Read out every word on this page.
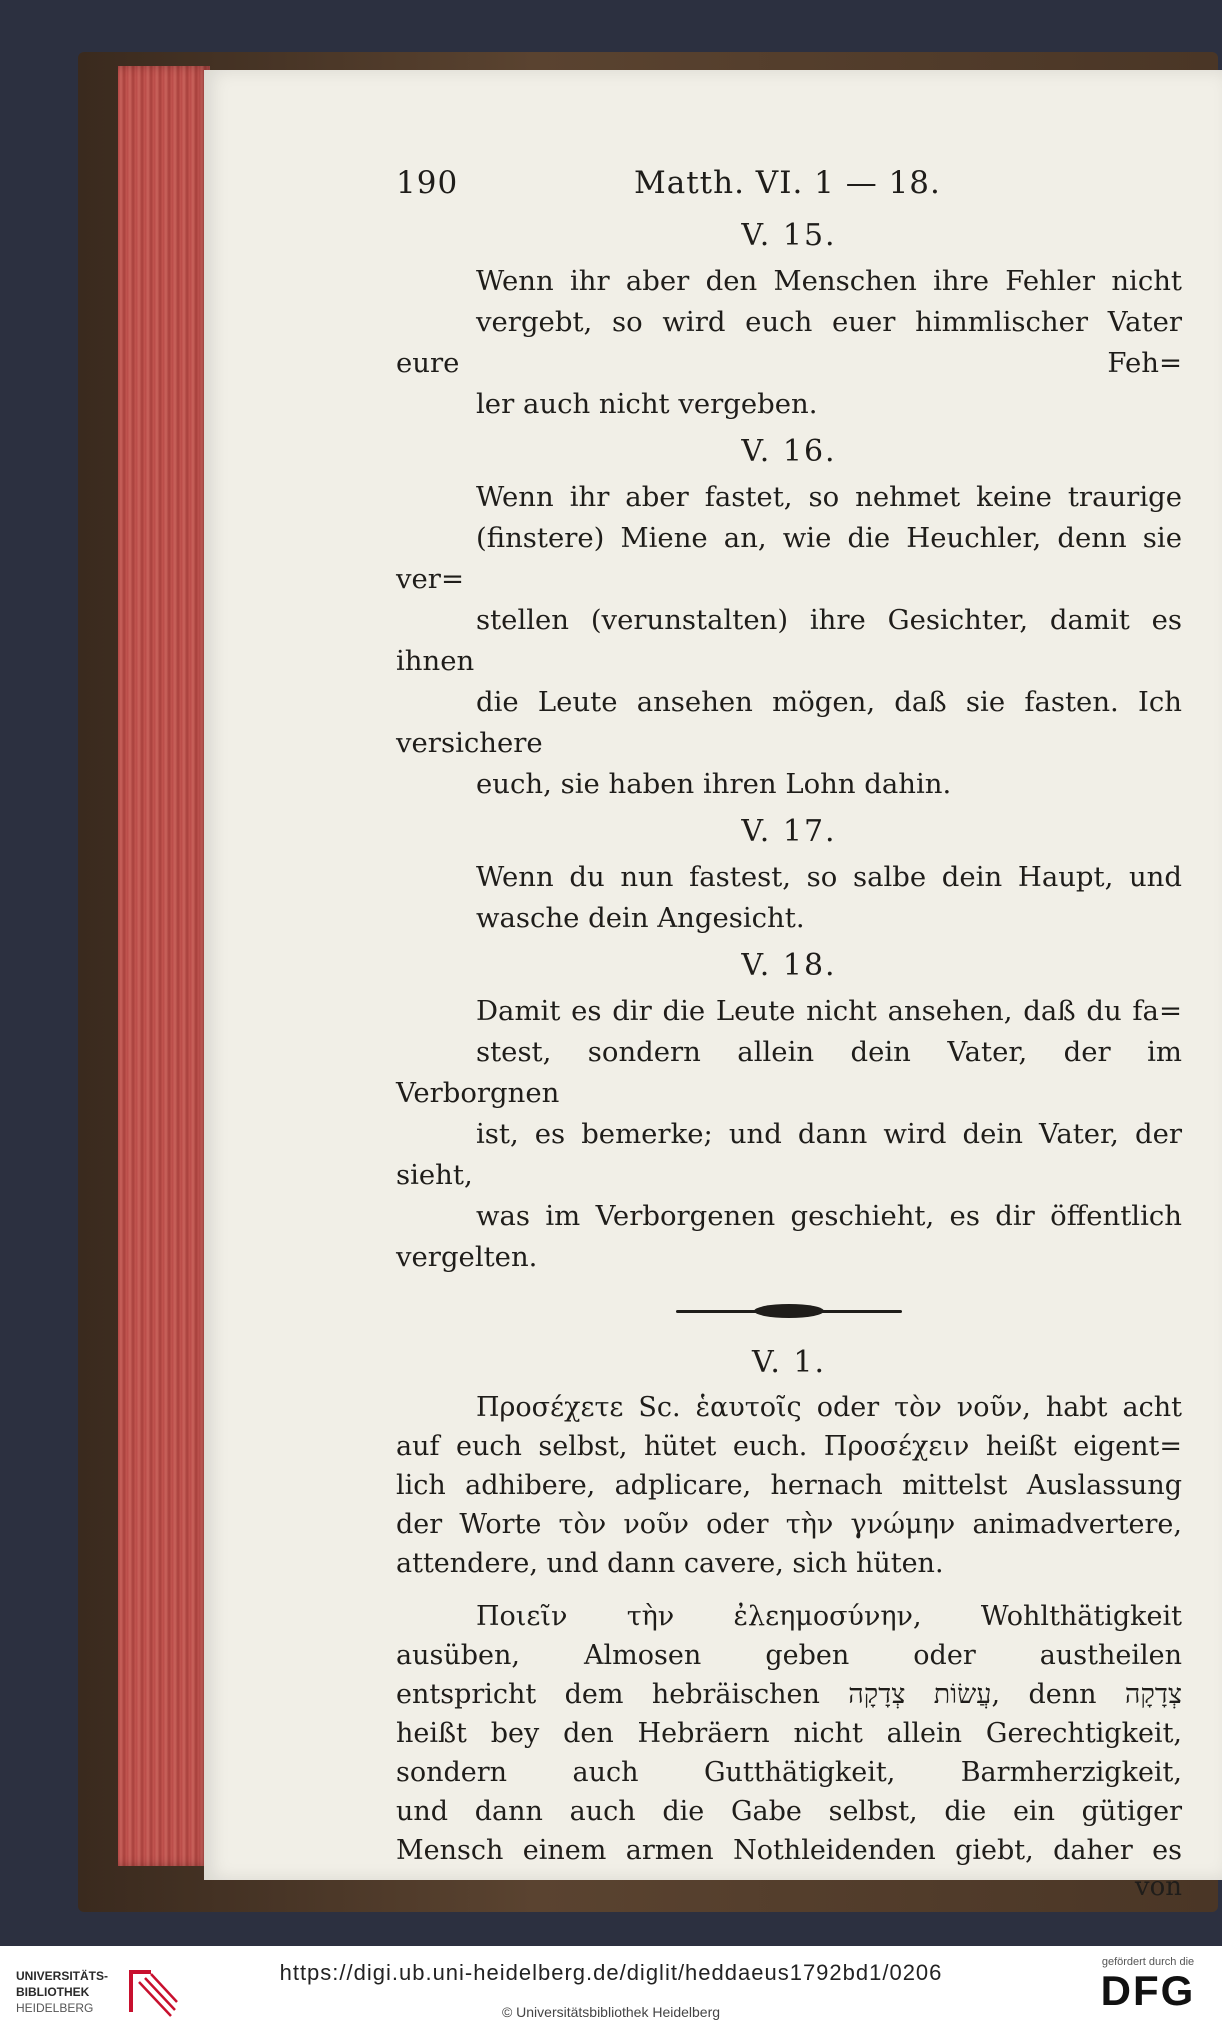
190	Matth. VI. 1 — 18.
V. 15.

Wenn ihr aber den Menschen ihre Fehler nicht
vergebt, so wird euch euer himmlischer Vater eure Feh=
ler auch nicht vergeben.

V. 16.

Wenn ihr aber fastet, so nehmet keine traurige
(finstere) Miene an, wie die Heuchler, denn sie ver=
stellen (verunstalten) ihre Gesichter, damit es ihnen
die Leute ansehen mögen, daß sie fasten. Ich versichere
euch, sie haben ihren Lohn dahin.

V. 17.

Wenn du nun fastest, so salbe dein Haupt, und
wasche dein Angesicht.

V. 18.

Damit es dir die Leute nicht ansehen, daß du fa=
stest, sondern allein dein Vater, der im Verborgnen
ist, es bemerke; und dann wird dein Vater, der sieht,
was im Verborgenen geschieht, es dir öffentlich vergelten.

V. 1.
Προσέχετε Sc. ἑαυτοῖς oder τὸν νοῦν, habt acht
auf euch selbst, hütet euch. Προσέχειν heißt eigent=
lich adhibere, adplicare, hernach mittelst Auslassung
der Worte τὸν νοῦν oder τὴν γνώμην animadvertere,
attendere, und dann cavere, sich hüten.
Ποιεῖν τὴν ἐλεημοσύνην, Wohlthätigkeit
ausüben, Almosen geben oder austheilen
entspricht dem hebräischen עֲשׂוֹת צְדָקָה, denn צְדָקָה
heißt bey den Hebräern nicht allein Gerechtigkeit,
sondern auch Gutthätigkeit, Barmherzigkeit,
und dann auch die Gabe selbst, die ein gütiger
Mensch einem armen Nothleidenden giebt, daher es
von
UNIVERSITÄTS-
BIBLIOTHEK
HEIDELBERG
https://digi.ub.uni-heidelberg.de/diglit/heddaeus1792bd1/0206
© Universitätsbibliothek Heidelberg
gefördert durch die
DFG
